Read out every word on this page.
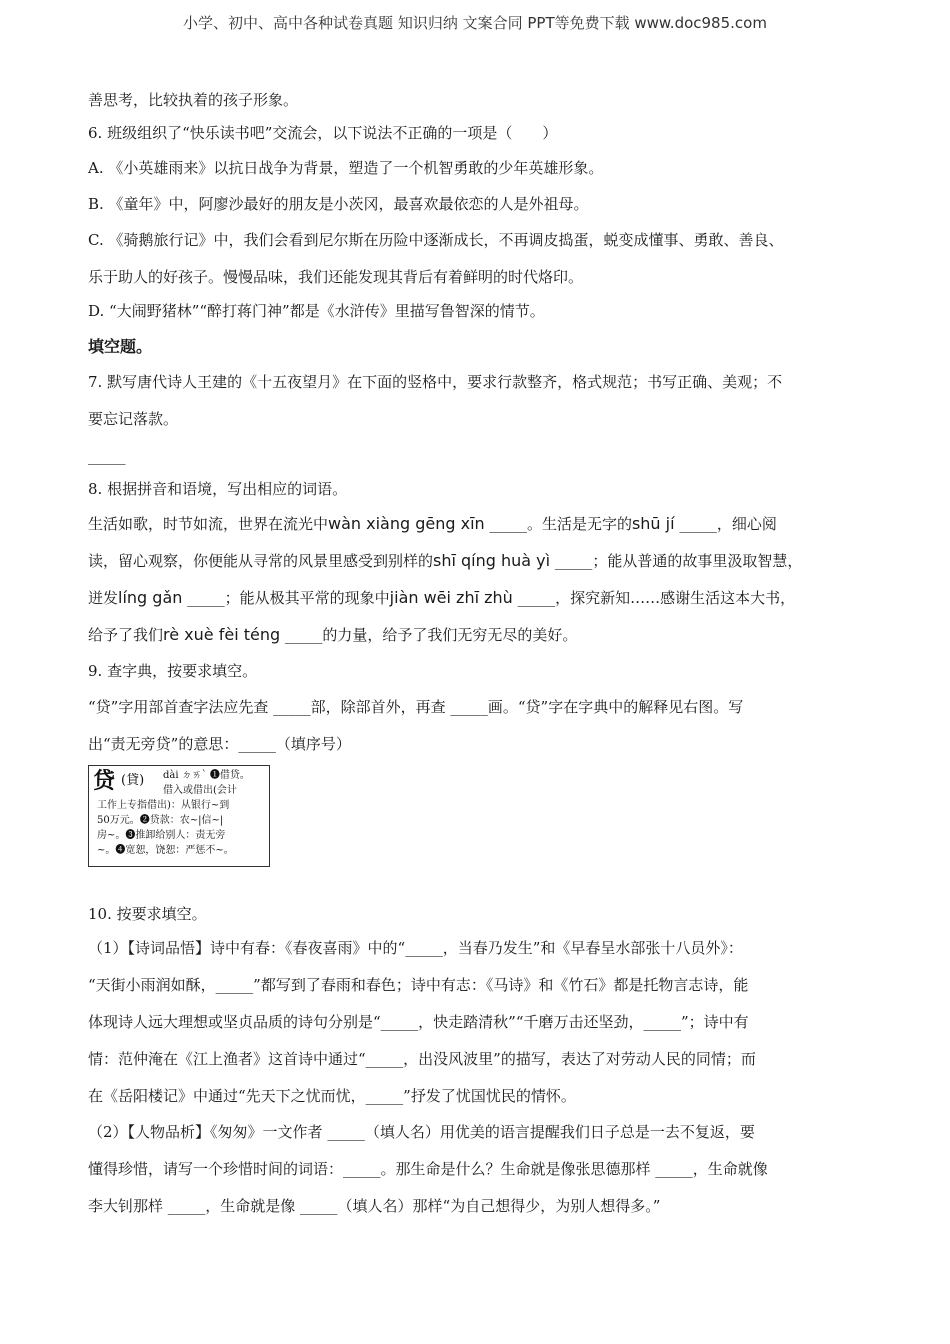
小学、初中、高中各种试卷真题 知识归纳 文案合同 PPT等免费下载 www.doc985.com
善思考，比较执着的孩子形象。
6. 班级组织了“快乐读书吧”交流会，以下说法不正确的一项是（　　）
A. 《小英雄雨来》以抗日战争为背景，塑造了一个机智勇敢的少年英雄形象。
B. 《童年》中，阿廖沙最好的朋友是小茨冈，最喜欢最依恋的人是外祖母。
C. 《骑鹅旅行记》中，我们会看到尼尔斯在历险中逐渐成长，不再调皮捣蛋，蜕变成懂事、勇敢、善良、
乐于助人的好孩子。慢慢品味，我们还能发现其背后有着鲜明的时代烙印。
D. “大闹野猪林”“醉打蒋门神”都是《水浒传》里描写鲁智深的情节。
填空题。
7. 默写唐代诗人王建的《十五夜望月》在下面的竖格中，要求行款整齐，格式规范；书写正确、美观；不
要忘记落款。
_____
8. 根据拼音和语境，写出相应的词语。
生活如歌，时节如流，世界在流光中wàn xiàng gēng xīn _____。生活是无字的shū jí _____，细心阅
读，留心观察，你便能从寻常的风景里感受到别样的shī qíng huà yì _____；能从普通的故事里汲取智慧，
迸发líng gǎn _____；能从极其平常的现象中jiàn wēi zhī zhù _____，探究新知……感谢生活这本大书，
给予了我们rè xuè fèi téng _____的力量，给予了我们无穷无尽的美好。
9. 查字典，按要求填空。
“贷”字用部首查字法应先查 _____部，除部首外，再查 _____画。“贷”字在字典中的解释见右图。写
出“责无旁贷”的意思：_____（填序号）
10. 按要求填空。
（1）【诗词品悟】诗中有春：《春夜喜雨》中的“_____，当春乃发生”和《早春呈水部张十八员外》：
“天街小雨润如酥，_____”都写到了春雨和春色；诗中有志：《马诗》和《竹石》都是托物言志诗，能
体现诗人远大理想或坚贞品质的诗句分别是“_____，快走踏清秋”“千磨万击还坚劲，_____”；诗中有
情：范仲淹在《江上渔者》这首诗中通过“_____，出没风波里”的描写，表达了对劳动人民的同情；而
在《岳阳楼记》中通过“先天下之忧而忧，_____”抒发了忧国忧民的情怀。
（2）【人物品析】《匆匆》一文作者 _____（填人名）用优美的语言提醒我们日子总是一去不复返，要
懂得珍惜，请写一个珍惜时间的词语：_____。那生命是什么？生命就是像张思德那样 _____，生命就像
李大钊那样 _____，生命就是像 _____（填人名）那样“为自己想得少，为别人想得多。”
贷 (貸) dài ㄉㄞˋ ❶借贷。
借入或借出(会计
工作上专指借出)：从银行~到
50万元。❷贷款：农~|信~|
房~。❸推卸给别人：责无旁
~。❹宽恕，饶恕：严惩不~。
